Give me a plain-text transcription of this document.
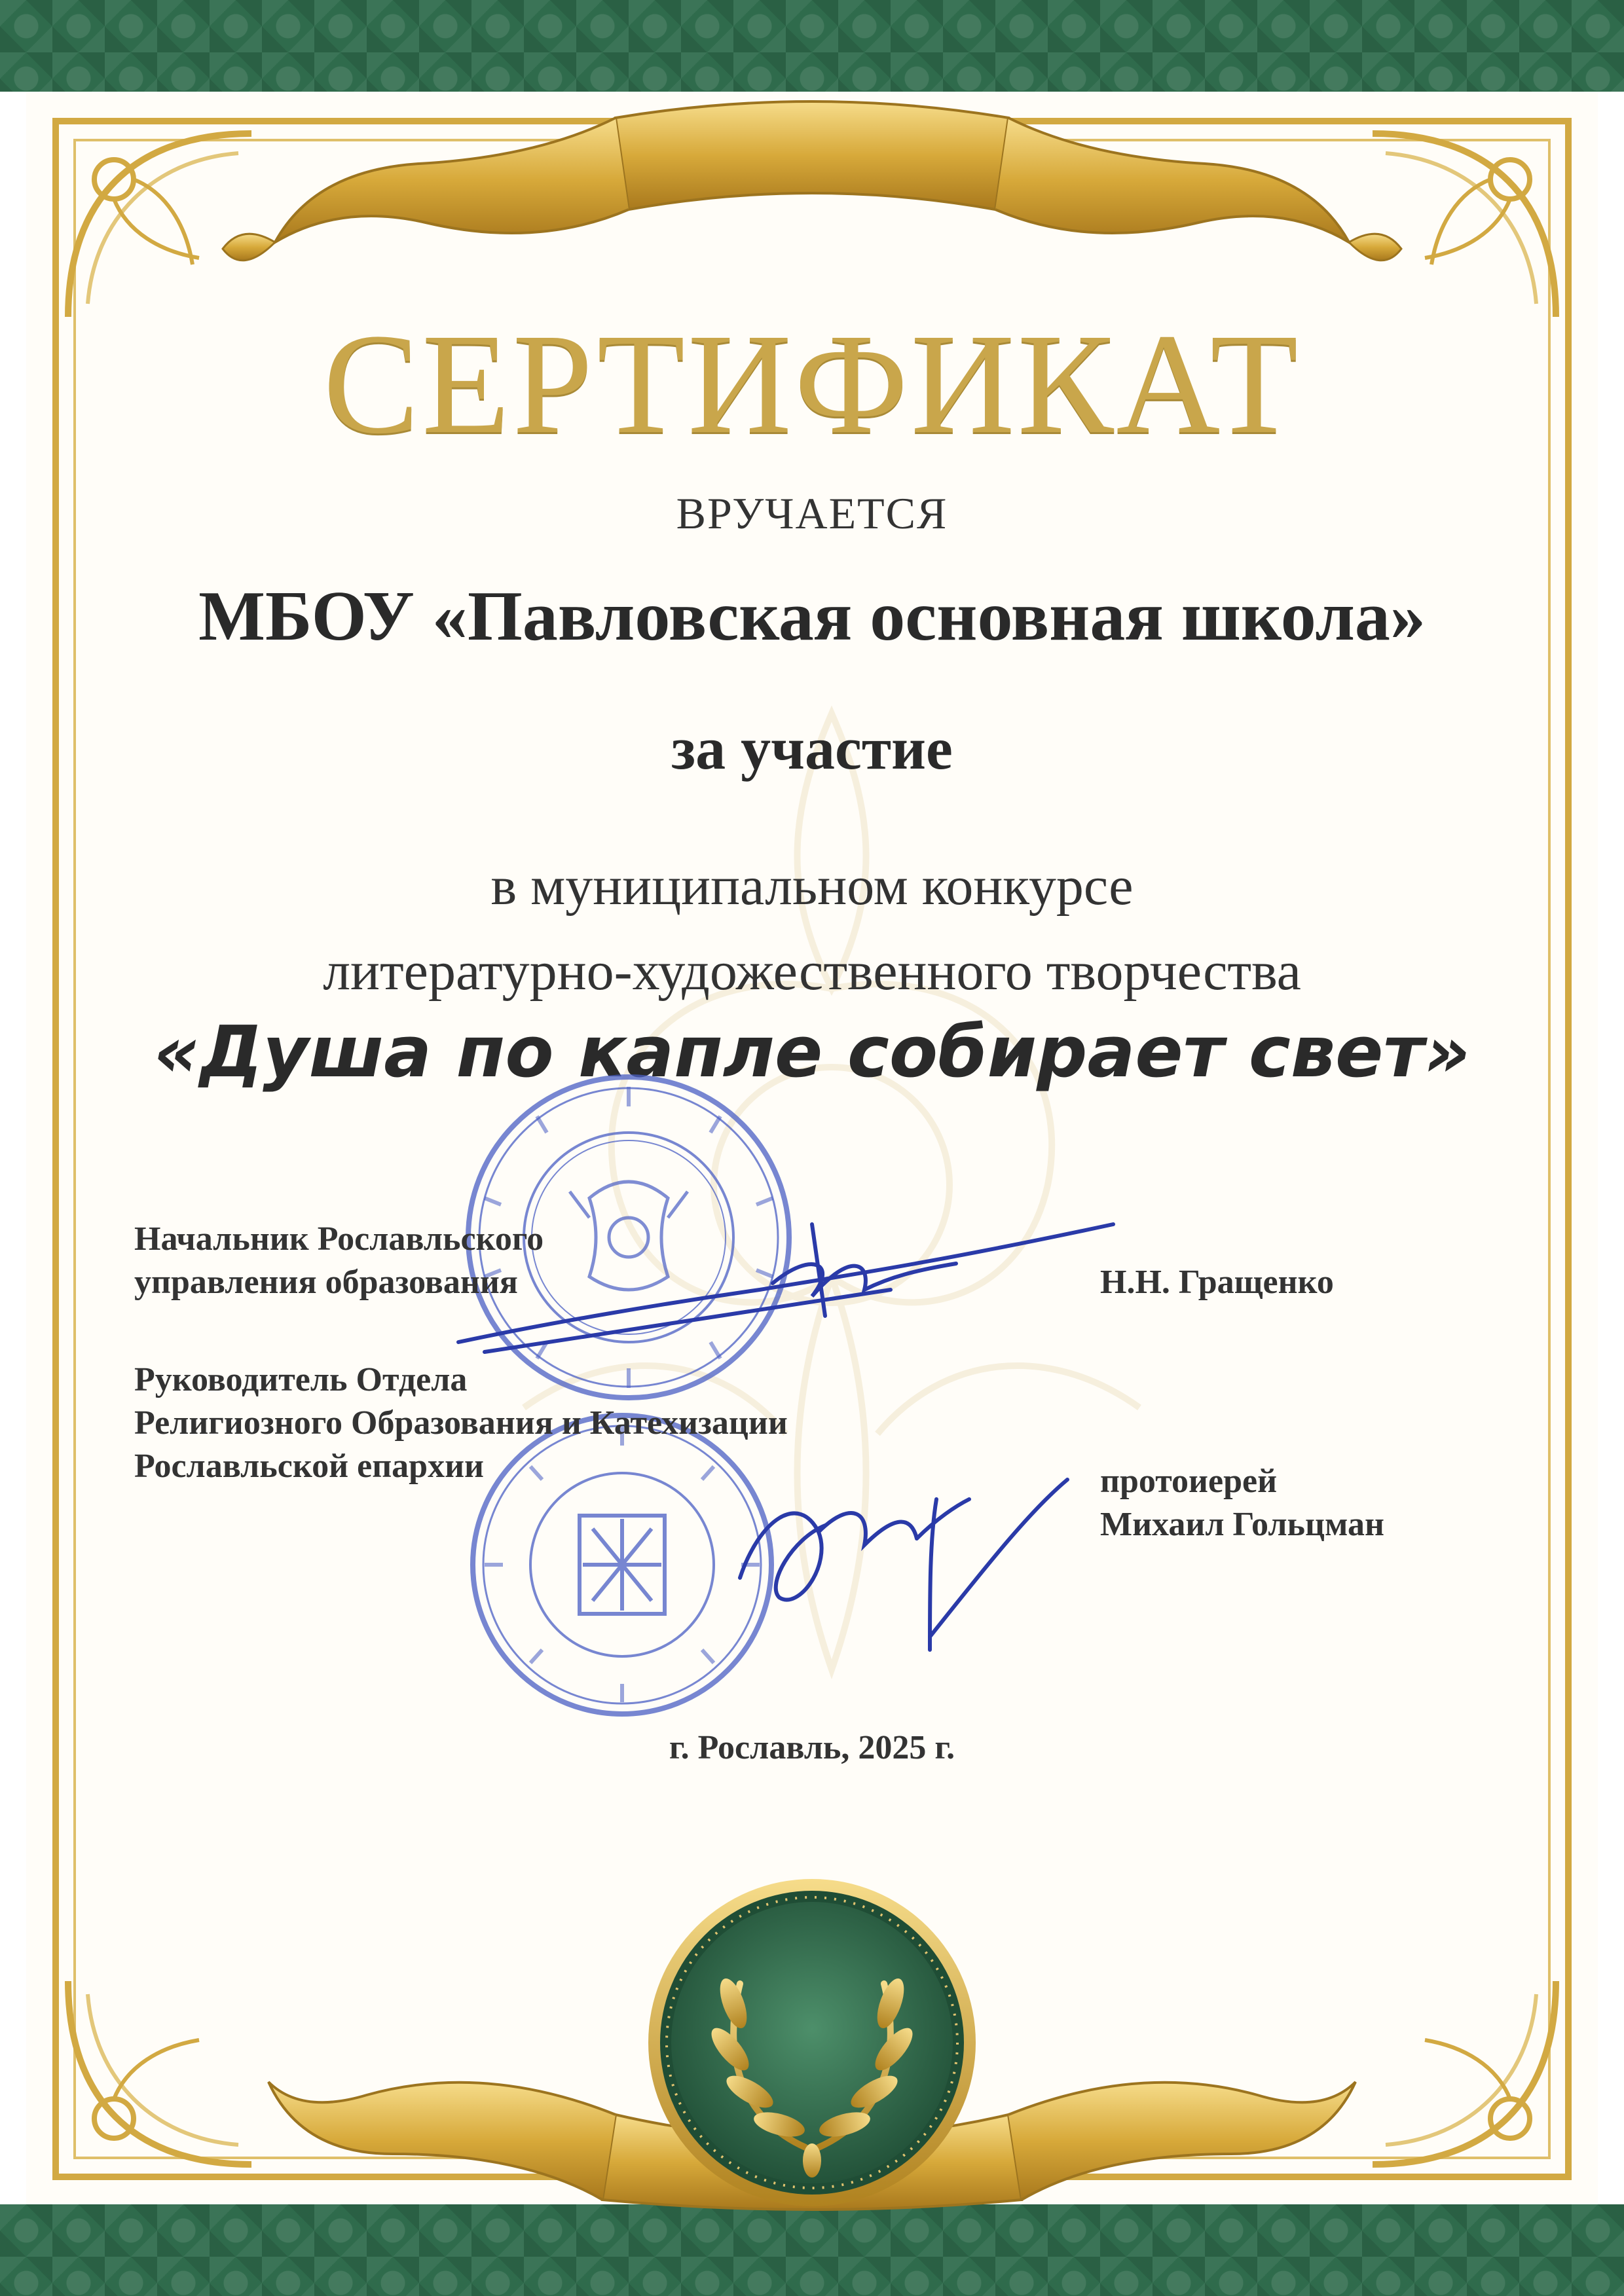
СЕРТИФИКАТ
ВРУЧАЕТСЯ
МБОУ «Павловская основная школа»
за участие
в муниципальном конкурсе
литературно-художественного творчества
«Душа по капле собирает свет»
Начальник Рославльского
управления образования	Н.Н. Гращенко
Руководитель Отдела
Религиозного Образования и Катехизации
Рославльской епархии	протоиерей
Михаил Гольцман
г. Рославль, 2025 г.
